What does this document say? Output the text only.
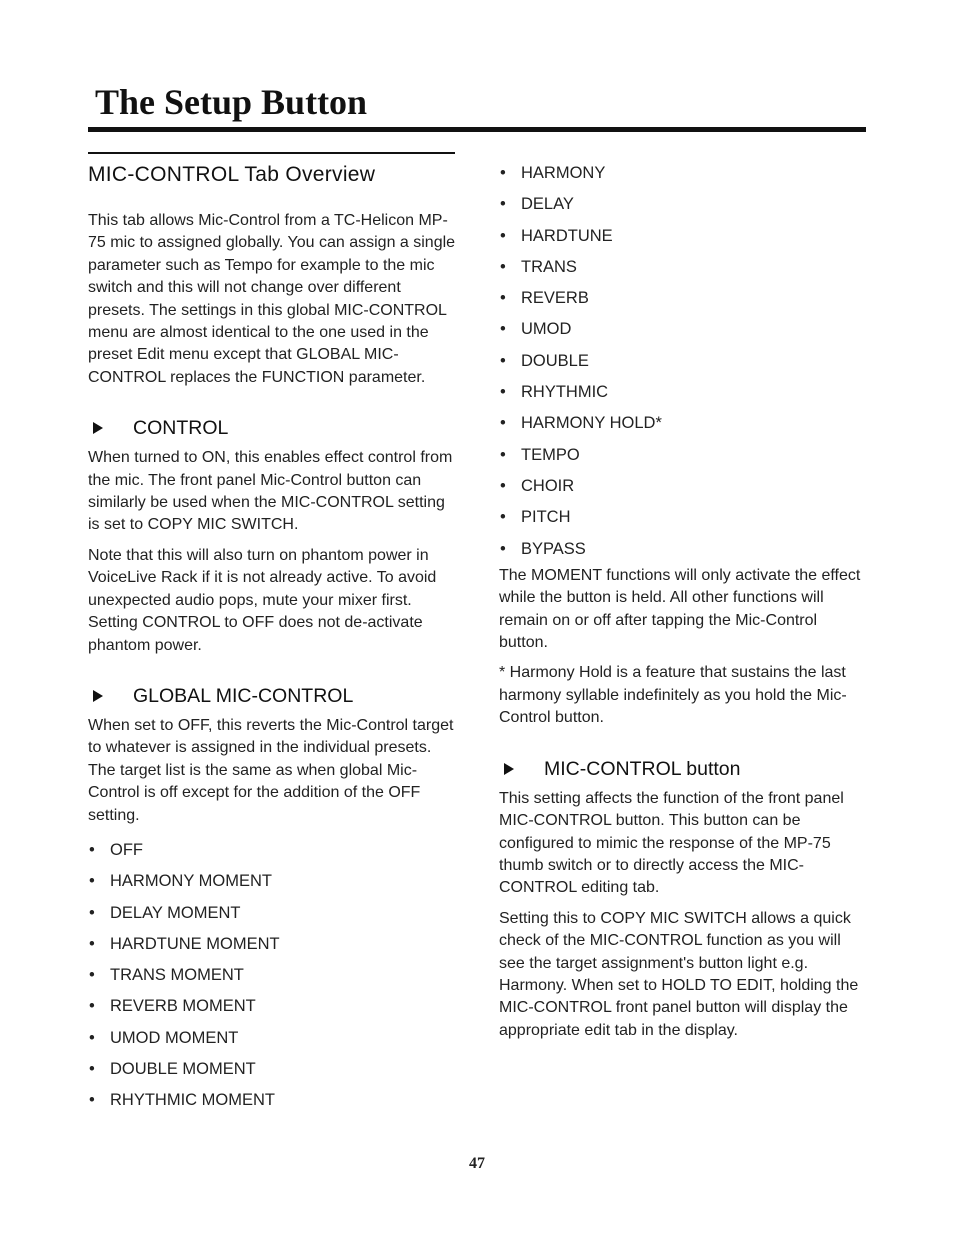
The Setup Button
MIC-CONTROL Tab Overview

This tab allows Mic-Control from a TC-Helicon MP-75 mic to assigned globally. You can assign a single parameter such as Tempo for example to the mic switch and this will not change over different presets. The settings in this global MIC-CONTROL menu are almost identical to the one used in the preset Edit menu except that GLOBAL MIC-CONTROL replaces the FUNCTION parameter.

CONTROL

When turned to ON, this enables effect control from the mic. The front panel Mic-Control button can similarly be used when the MIC-CONTROL setting is set to COPY MIC SWITCH.

Note that this will also turn on phantom power in VoiceLive Rack if it is not already active. To avoid unexpected audio pops, mute your mixer first. Setting CONTROL to OFF does not de-activate phantom power.

GLOBAL MIC-CONTROL

When set to OFF, this reverts the Mic-Control target to whatever is assigned in the individual presets. The target list is the same as when global Mic-Control is off except for the addition of the OFF setting.

• OFF
• HARMONY MOMENT
• DELAY MOMENT
• HARDTUNE MOMENT
• TRANS MOMENT
• REVERB MOMENT
• UMOD MOMENT
• DOUBLE MOMENT
• RHYTHMIC MOMENT
• HARMONY
• DELAY
• HARDTUNE
• TRANS
• REVERB
• UMOD
• DOUBLE
• RHYTHMIC
• HARMONY HOLD*
• TEMPO
• CHOIR
• PITCH
• BYPASS

The MOMENT functions will only activate the effect while the button is held. All other functions will remain on or off after tapping the Mic-Control button.

* Harmony Hold is a feature that sustains the last harmony syllable indefinitely as you hold the Mic-Control button.

MIC-CONTROL button

This setting affects the function of the front panel MIC-CONTROL button. This button can be configured to mimic the response of the MP-75 thumb switch or to directly access the MIC-CONTROL editing tab.

Setting this to COPY MIC SWITCH allows a quick check of the MIC-CONTROL function as you will see the target assignment's button light e.g. Harmony. When set to HOLD TO EDIT, holding the MIC-CONTROL front panel button will display the appropriate edit tab in the display.

47
